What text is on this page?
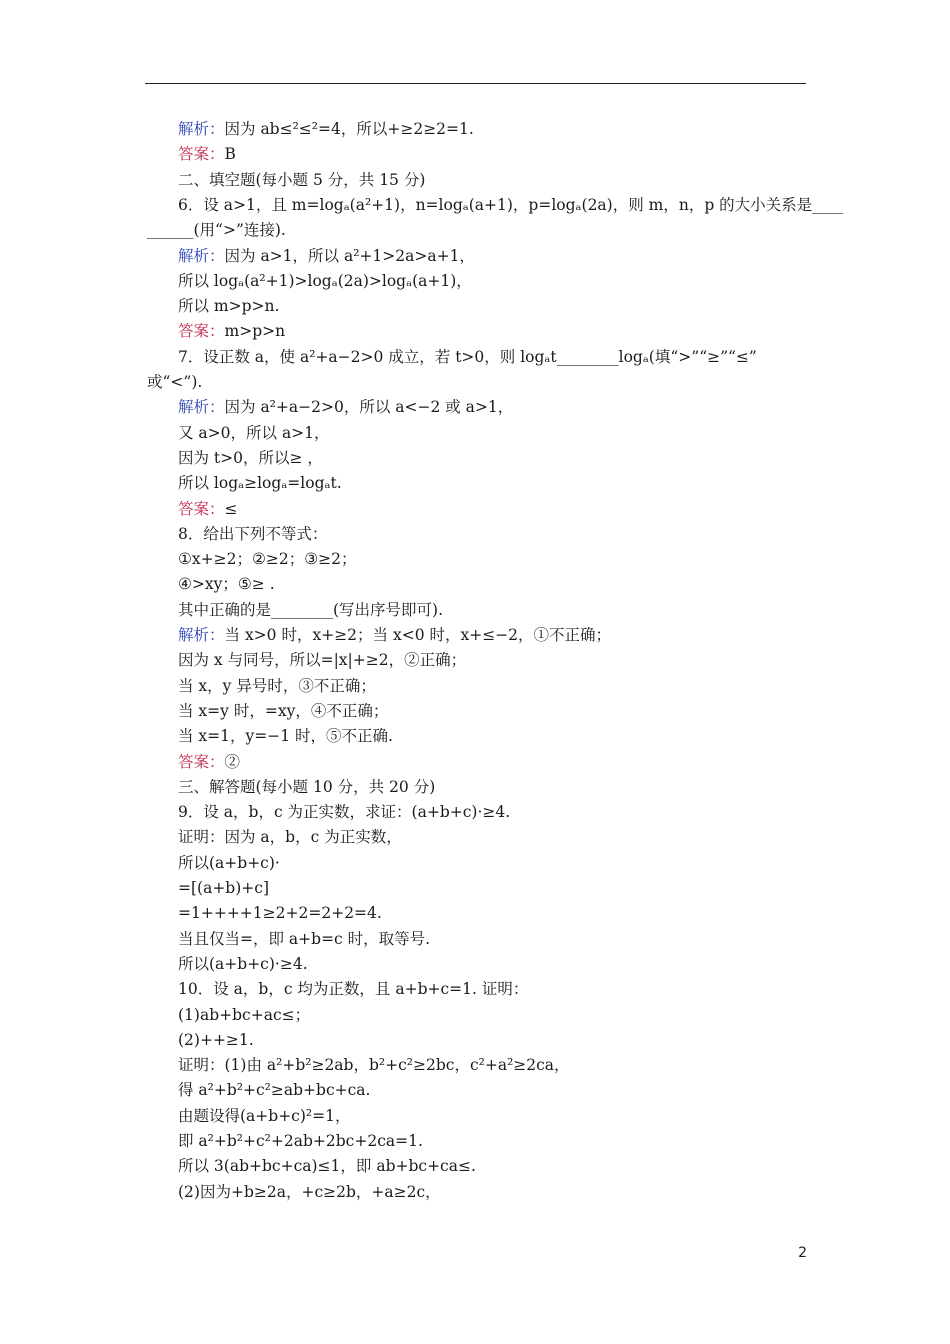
解析：因为 ab≤²≤²=4，所以+≥2≥2=1.
答案：B
二、填空题(每小题 5 分，共 15 分)
6．设 a>1，且 m=logₐ(a²+1)，n=logₐ(a+1)，p=logₐ(2a)，则 m，n，p 的大小关系是____
______(用“>”连接).
解析：因为 a>1，所以 a²+1>2a>a+1，
所以 logₐ(a²+1)>logₐ(2a)>logₐ(a+1)，
所以 m>p>n.
答案：m>p>n
7．设正数 a，使 a²+a−2>0 成立，若 t>0，则 logₐt________logₐ(填“>”“≥”“≤”
或“<”).
解析：因为 a²+a−2>0，所以 a<−2 或 a>1，
又 a>0，所以 a>1，
因为 t>0，所以≥ ，
所以 logₐ≥logₐ=logₐt.
答案：≤
8．给出下列不等式：
①x+≥2；②≥2；③≥2；
④>xy；⑤≥ .
其中正确的是________(写出序号即可).
解析：当 x>0 时，x+≥2；当 x<0 时，x+≤−2，①不正确；
因为 x 与同号，所以=|x|+≥2，②正确；
当 x，y 异号时，③不正确；
当 x=y 时，=xy，④不正确；
当 x=1，y=−1 时，⑤不正确.
答案：②
三、解答题(每小题 10 分，共 20 分)
9．设 a，b，c 为正实数，求证：(a+b+c)·≥4.
证明：因为 a，b，c 为正实数，
所以(a+b+c)·
=[(a+b)+c]
=1++++1≥2+2=2+2=4.
当且仅当=，即 a+b=c 时，取等号.
所以(a+b+c)·≥4.
10．设 a，b，c 均为正数，且 a+b+c=1. 证明：
(1)ab+bc+ac≤；
(2)++≥1.
证明：(1)由 a²+b²≥2ab，b²+c²≥2bc，c²+a²≥2ca，
得 a²+b²+c²≥ab+bc+ca.
由题设得(a+b+c)²=1，
即 a²+b²+c²+2ab+2bc+2ca=1.
所以 3(ab+bc+ca)≤1，即 ab+bc+ca≤.
(2)因为+b≥2a，+c≥2b，+a≥2c，
2
